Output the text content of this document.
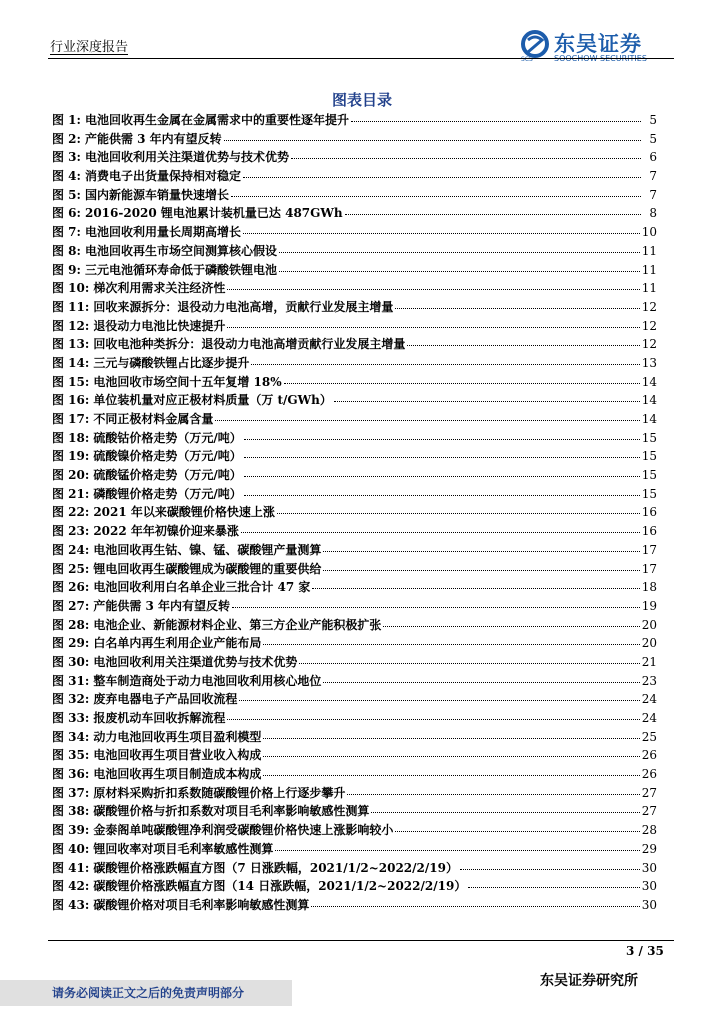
行业深度报告
SCS
东吴证券
SOOCHOW SECURITIES
图表目录
图 1: 电池回收再生金属在金属需求中的重要性逐年提升	5
图 2: 产能供需 3 年内有望反转	5
图 3: 电池回收利用关注渠道优势与技术优势	6
图 4: 消费电子出货量保持相对稳定	7
图 5: 国内新能源车销量快速增长	7
图 6: 2016-2020 锂电池累计装机量已达 487GWh	8
图 7: 电池回收利用量长周期高增长	10
图 8: 电池回收再生市场空间测算核心假设	11
图 9: 三元电池循环寿命低于磷酸铁锂电池	11
图 10: 梯次利用需求关注经济性	11
图 11: 回收来源拆分：退役动力电池高增，贡献行业发展主增量	12
图 12: 退役动力电池比快速提升	12
图 13: 回收电池种类拆分：退役动力电池高增贡献行业发展主增量	12
图 14: 三元与磷酸铁锂占比逐步提升	13
图 15: 电池回收市场空间十五年复增 18%	14
图 16: 单位装机量对应正极材料质量（万 t/GWh）	14
图 17: 不同正极材料金属含量	14
图 18: 硫酸钴价格走势（万元/吨）	15
图 19: 硫酸镍价格走势（万元/吨）	15
图 20: 硫酸锰价格走势（万元/吨）	15
图 21: 磷酸锂价格走势（万元/吨）	15
图 22: 2021 年以来碳酸锂价格快速上涨	16
图 23: 2022 年年初镍价迎来暴涨	16
图 24: 电池回收再生钴、镍、锰、碳酸锂产量测算	17
图 25: 锂电回收再生碳酸锂成为碳酸锂的重要供给	17
图 26: 电池回收利用白名单企业三批合计 47 家	18
图 27: 产能供需 3 年内有望反转	19
图 28: 电池企业、新能源材料企业、第三方企业产能积极扩张	20
图 29: 白名单内再生利用企业产能布局	20
图 30: 电池回收利用关注渠道优势与技术优势	21
图 31: 整车制造商处于动力电池回收利用核心地位	23
图 32: 废弃电器电子产品回收流程	24
图 33: 报废机动车回收拆解流程	24
图 34: 动力电池回收再生项目盈利模型	25
图 35: 电池回收再生项目营业收入构成	26
图 36: 电池回收再生项目制造成本构成	26
图 37: 原材料采购折扣系数随碳酸锂价格上行逐步攀升	27
图 38: 碳酸锂价格与折扣系数对项目毛利率影响敏感性测算	27
图 39: 金泰阁单吨碳酸锂净利润受碳酸锂价格快速上涨影响较小	28
图 40: 锂回收率对项目毛利率敏感性测算	29
图 41: 碳酸锂价格涨跌幅直方图（7 日涨跌幅，2021/1/2~2022/2/19）	30
图 42: 碳酸锂价格涨跌幅直方图（14 日涨跌幅，2021/1/2~2022/2/19）	30
图 43: 碳酸锂价格对项目毛利率影响敏感性测算	30
3 / 35
请务必阅读正文之后的免责声明部分
东吴证券研究所
